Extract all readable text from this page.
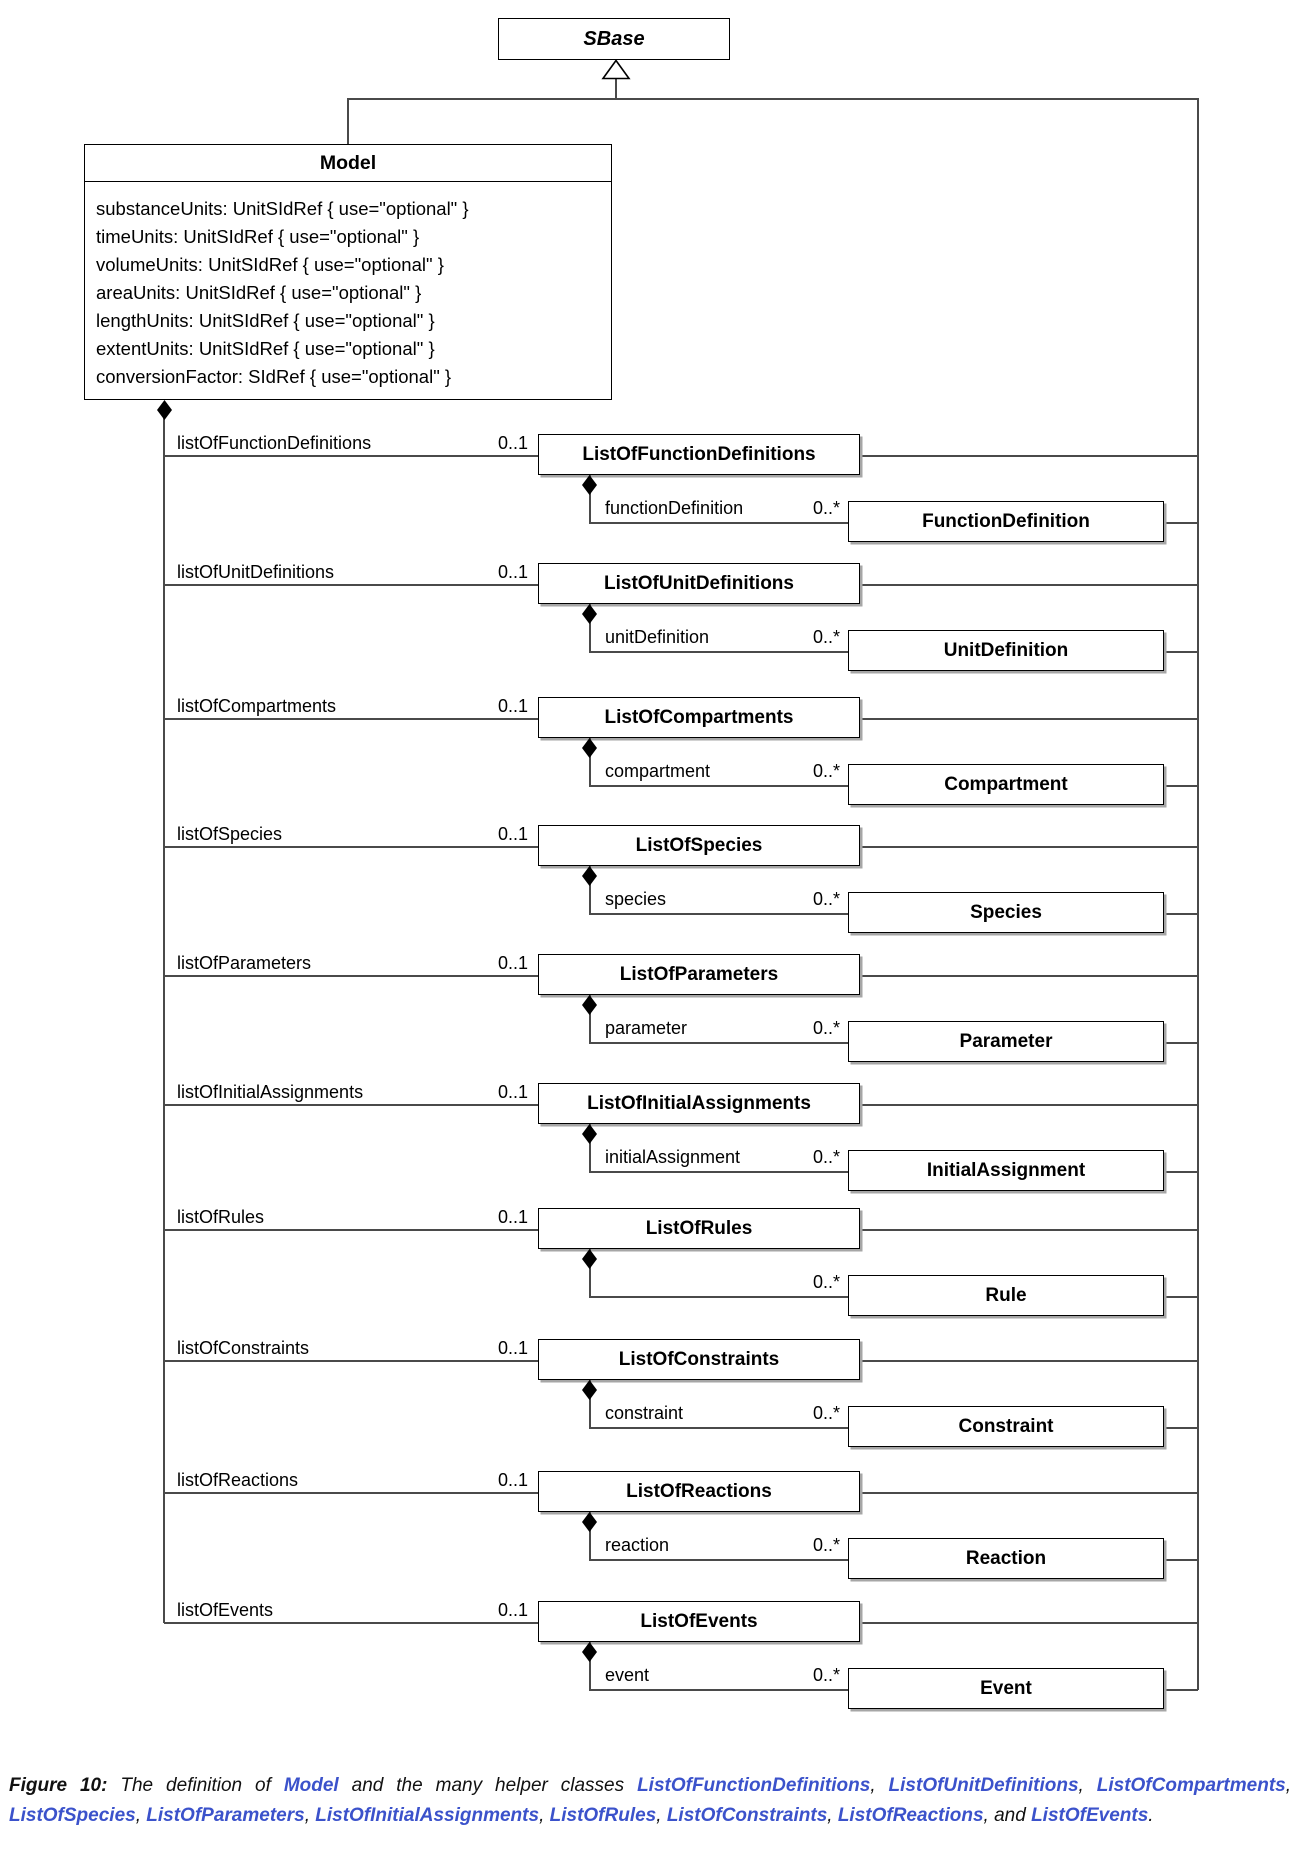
SBase
Model
substanceUnits: UnitSIdRef { use="optional" }
timeUnits: UnitSIdRef { use="optional" }
volumeUnits: UnitSIdRef { use="optional" }
areaUnits: UnitSIdRef { use="optional" }
lengthUnits: UnitSIdRef { use="optional" }
extentUnits: UnitSIdRef { use="optional" }
conversionFactor: SIdRef { use="optional" }
listOfFunctionDefinitions	0..1
ListOfFunctionDefinitions
functionDefinition	0..*
FunctionDefinition
listOfUnitDefinitions	0..1
ListOfUnitDefinitions
unitDefinition	0..*
UnitDefinition
listOfCompartments	0..1
ListOfCompartments
compartment	0..*
Compartment
listOfSpecies	0..1
ListOfSpecies
species	0..*
Species
listOfParameters	0..1
ListOfParameters
parameter	0..*
Parameter
listOfInitialAssignments	0..1
ListOfInitialAssignments
initialAssignment	0..*
InitialAssignment
listOfRules	0..1
ListOfRules
0..*
Rule
listOfConstraints	0..1
ListOfConstraints
constraint	0..*
Constraint
listOfReactions	0..1
ListOfReactions
reaction	0..*
Reaction
listOfEvents	0..1
ListOfEvents
event	0..*
Event

Figure 10: The definition of Model and the many helper classes ListOfFunctionDefinitions, ListOfUnitDefinitions, ListOfCompartments, ListOfSpecies, ListOfParameters, ListOfInitialAssignments, ListOfRules, ListOfConstraints, ListOfReactions, and ListOfEvents.
